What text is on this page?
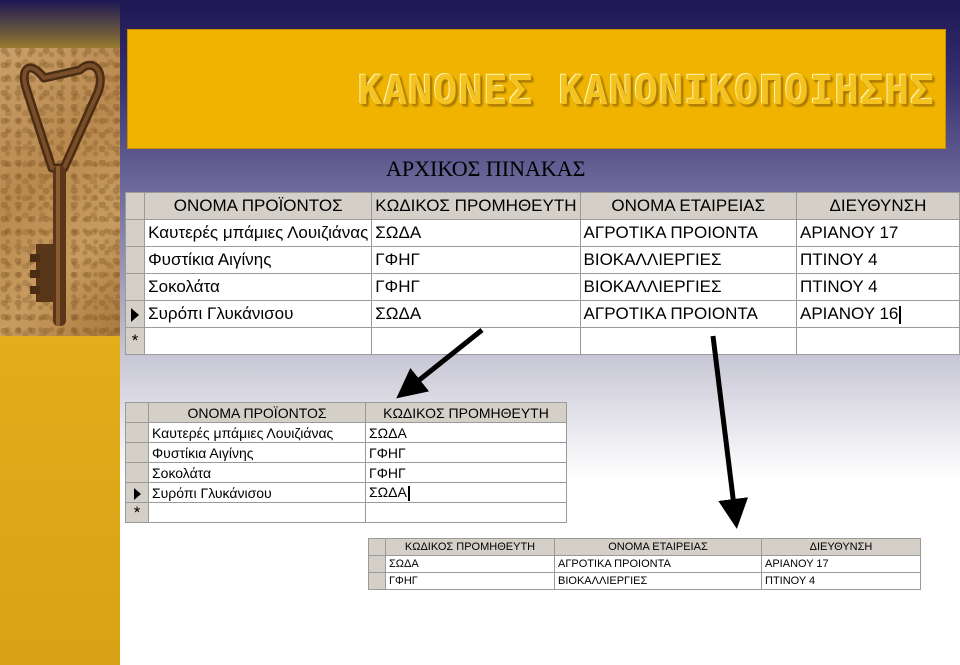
ΚΑΝΟΝΕΣ ΚΑΝΟΝΙΚΟΠΟΙΗΣΗΣ
ΑΡΧΙΚΟΣ ΠΙΝΑΚΑΣ
	ΟΝΟΜΑ ΠΡΟΪΟΝΤΟΣ	ΚΩΔΙΚΟΣ ΠΡΟΜΗΘΕΥΤΗ	ΟΝΟΜΑ ΕΤΑΙΡΕΙΑΣ	ΔΙΕΥΘΥΝΣΗ
	Καυτερές μπάμιες Λουιζιάνας	ΣΩΔΑ	ΑΓΡΟΤΙΚΑ ΠΡΟΙΟΝΤΑ	ΑΡΙΑΝΟΥ 17
	Φυστίκια Αιγίνης	ΓΦΗΓ	ΒΙΟΚΑΛΛΙΕΡΓΙΕΣ	ΠΤΙΝΟΥ 4
	Σοκολάτα	ΓΦΗΓ	ΒΙΟΚΑΛΛΙΕΡΓΙΕΣ	ΠΤΙΝΟΥ 4
	Συρόπι Γλυκάνισου	ΣΩΔΑ	ΑΓΡΟΤΙΚΑ ΠΡΟΙΟΝΤΑ	ΑΡΙΑΝΟΥ 16
*				
	ΟΝΟΜΑ ΠΡΟΪΟΝΤΟΣ	ΚΩΔΙΚΟΣ ΠΡΟΜΗΘΕΥΤΗ
	Καυτερές μπάμιες Λουιζιάνας	ΣΩΔΑ
	Φυστίκια Αιγίνης	ΓΦΗΓ
	Σοκολάτα	ΓΦΗΓ
	Συρόπι Γλυκάνισου	ΣΩΔΑ
*		
	ΚΩΔΙΚΟΣ ΠΡΟΜΗΘΕΥΤΗ	ΟΝΟΜΑ ΕΤΑΙΡΕΙΑΣ	ΔΙΕΥΘΥΝΣΗ
	ΣΩΔΑ	ΑΓΡΟΤΙΚΑ ΠΡΟΙΟΝΤΑ	ΑΡΙΑΝΟΥ 17
	ΓΦΗΓ	ΒΙΟΚΑΛΛΙΕΡΓΙΕΣ	ΠΤΙΝΟΥ 4
